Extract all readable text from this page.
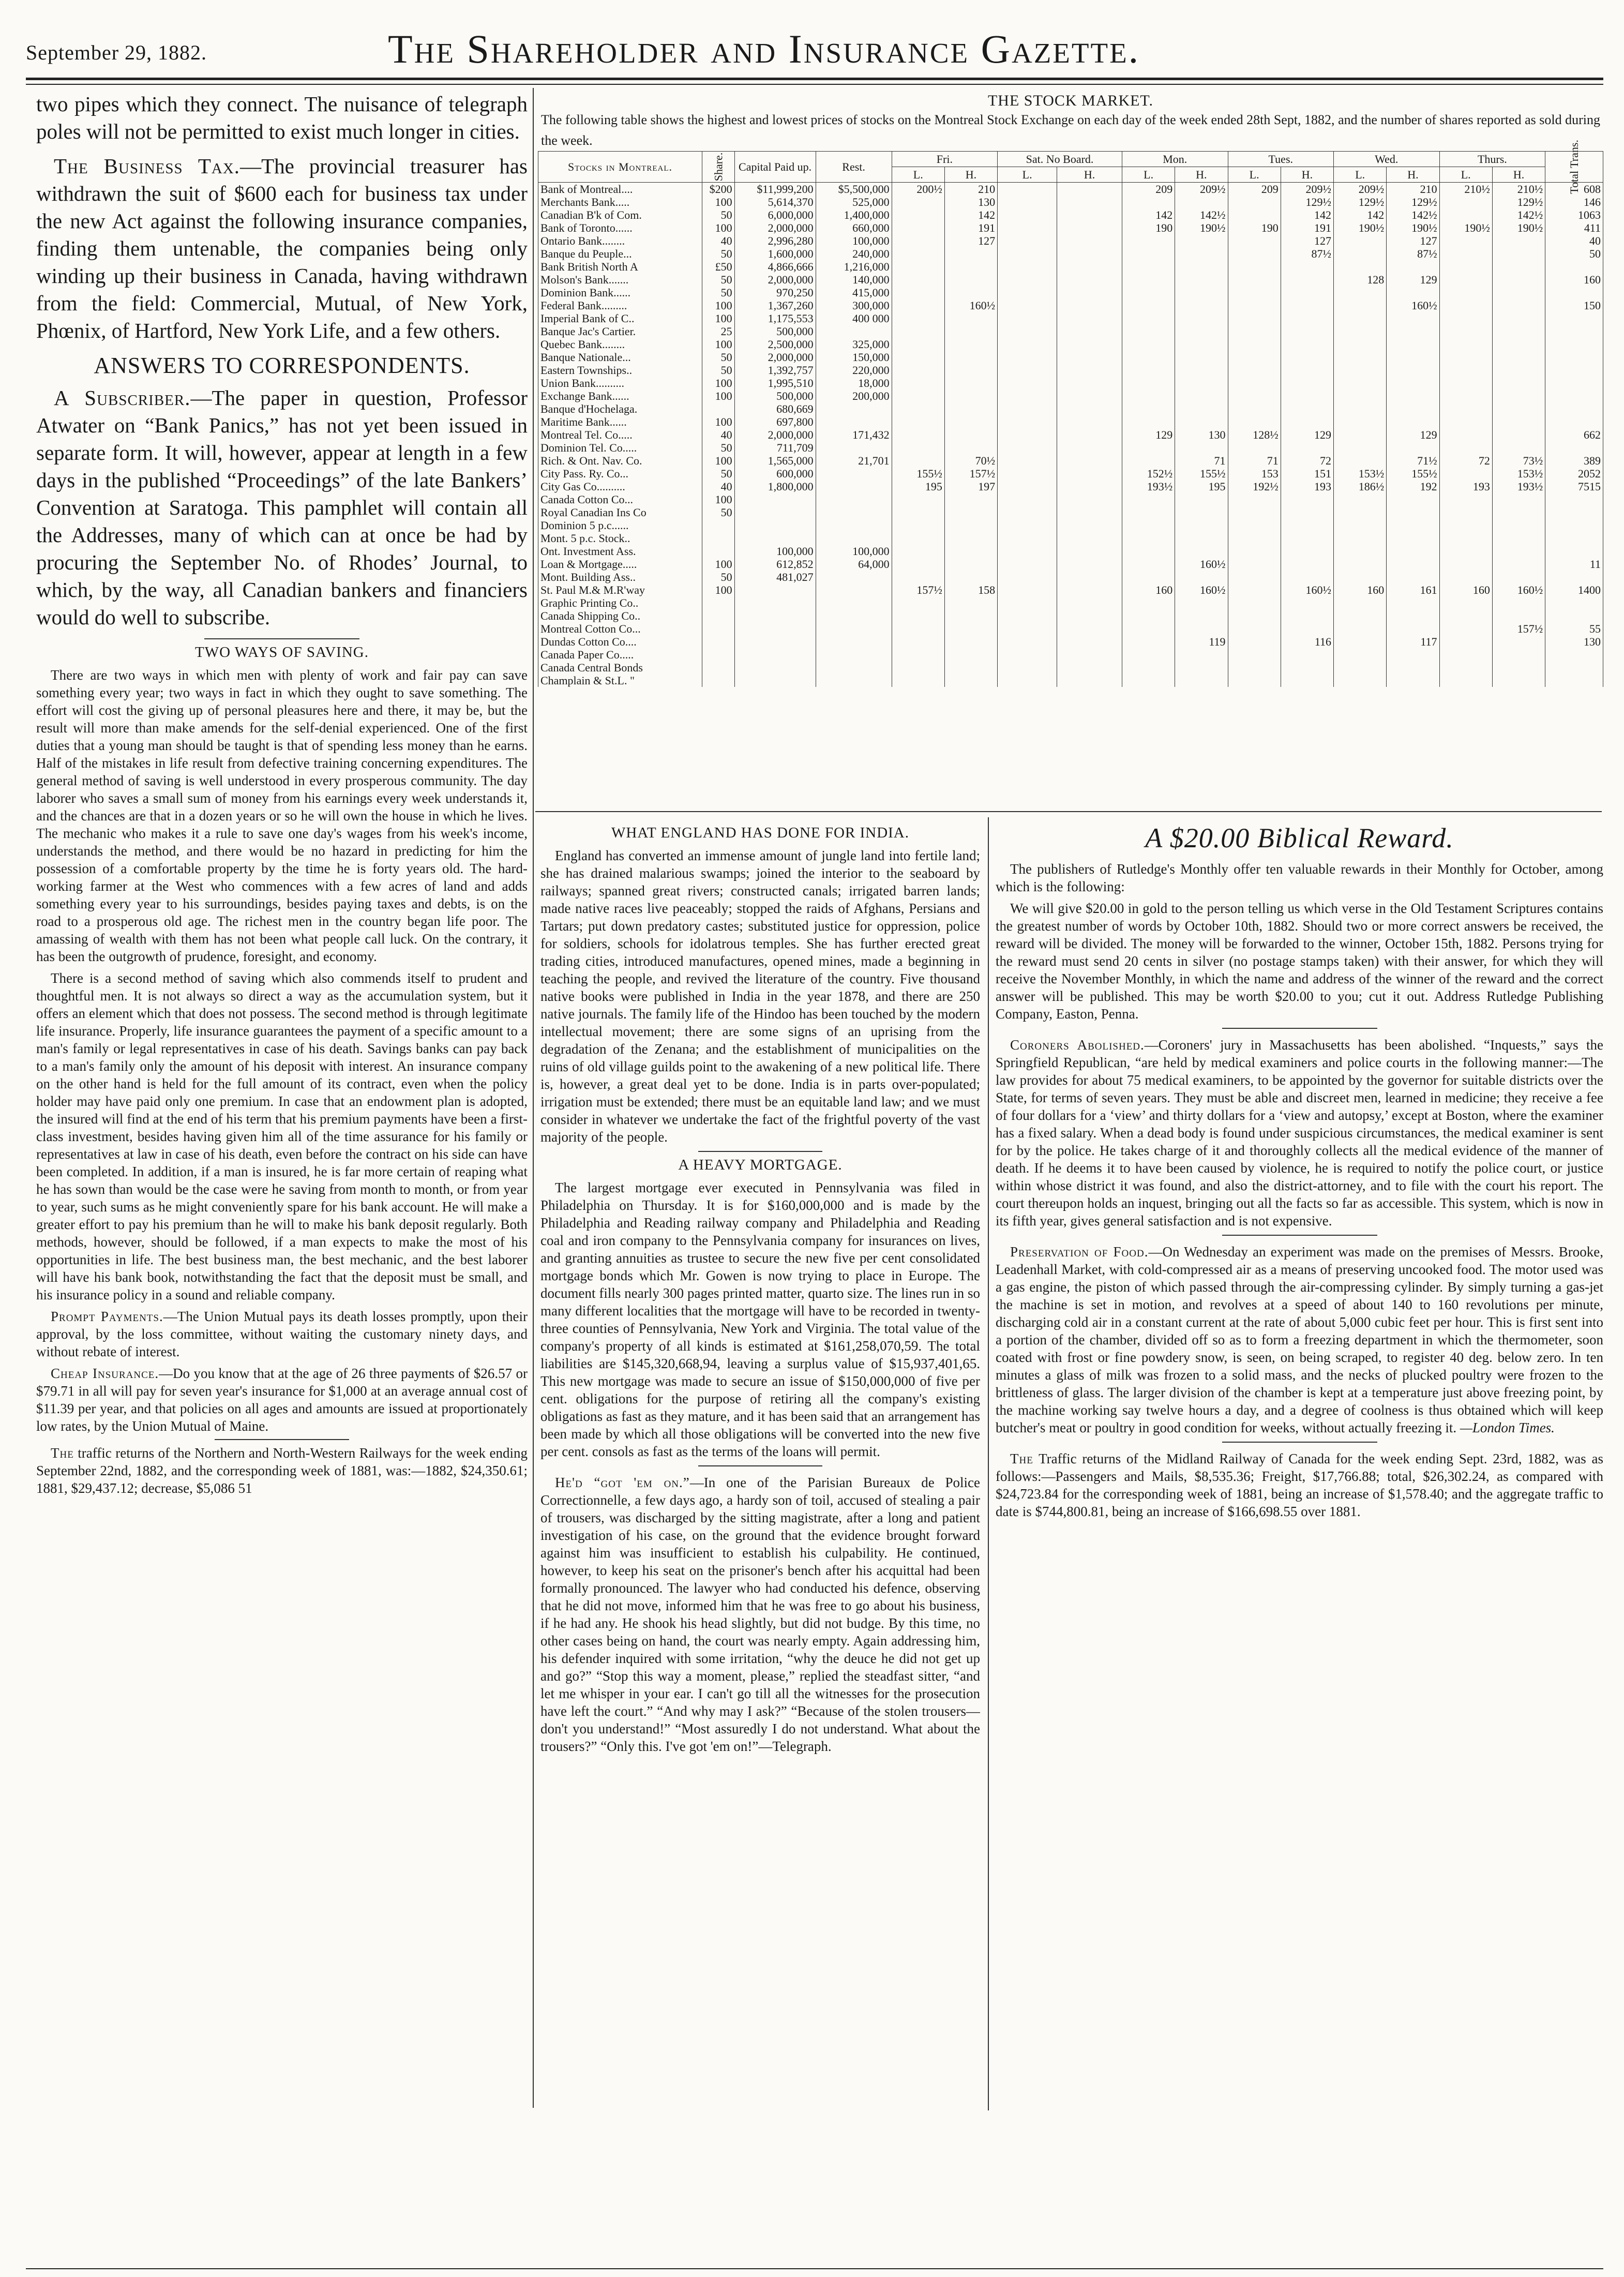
September 29, 1882.	The Shareholder and Insurance Gazette.

two pipes which they connect. The nuisance of telegraph poles will not be permitted to exist much longer in cities.

The Business Tax.—The provincial treasurer has withdrawn the suit of $600 each for business tax under the new Act against the following insurance companies, finding them untenable, the companies being only winding up their business in Canada, having withdrawn from the field: Commercial, Mutual, of New York, Phœnix, of Hartford, New York Life, and a few others.

ANSWERS TO CORRESPONDENTS.

A Subscriber.—The paper in question, Professor Atwater on “Bank Panics,” has not yet been issued in separate form. It will, however, appear at length in a few days in the published “Proceedings” of the late Bankers’ Convention at Saratoga. This pamphlet will contain all the Addresses, many of which can at once be had by procuring the September No. of Rhodes’ Journal, to which, by the way, all Canadian bankers and financiers would do well to subscribe.

TWO WAYS OF SAVING.

There are two ways in which men with plenty of work and fair pay can save something every year; two ways in fact in which they ought to save something. The effort will cost the giving up of personal pleasures here and there, it may be, but the result will more than make amends for the self-denial experienced. One of the first duties that a young man should be taught is that of spending less money than he earns. Half of the mistakes in life result from defective training concerning expenditures. The general method of saving is well understood in every prosperous community. The day laborer who saves a small sum of money from his earnings every week understands it, and the chances are that in a dozen years or so he will own the house in which he lives. The mechanic who makes it a rule to save one day's wages from his week's income, understands the method, and there would be no hazard in predicting for him the possession of a comfortable property by the time he is forty years old. The hard-working farmer at the West who commences with a few acres of land and adds something every year to his surroundings, besides paying taxes and debts, is on the road to a prosperous old age. The richest men in the country began life poor. The amassing of wealth with them has not been what people call luck. On the contrary, it has been the outgrowth of prudence, foresight, and economy.

There is a second method of saving which also commends itself to prudent and thoughtful men. It is not always so direct a way as the accumulation system, but it offers an element which that does not possess. The second method is through legitimate life insurance. Properly, life insurance guarantees the payment of a specific amount to a man's family or legal representatives in case of his death. Savings banks can pay back to a man's family only the amount of his deposit with interest. An insurance company on the other hand is held for the full amount of its contract, even when the policy holder may have paid only one premium. In case that an endowment plan is adopted, the insured will find at the end of his term that his premium payments have been a first-class investment, besides having given him all of the time assurance for his family or representatives at law in case of his death, even before the contract on his side can have been completed. In addition, if a man is insured, he is far more certain of reaping what he has sown than would be the case were he saving from month to month, or from year to year, such sums as he might conveniently spare for his bank account. He will make a greater effort to pay his premium than he will to make his bank deposit regularly. Both methods, however, should be followed, if a man expects to make the most of his opportunities in life. The best business man, the best mechanic, and the best laborer will have his bank book, notwithstanding the fact that the deposit must be small, and his insurance policy in a sound and reliable company.

Prompt Payments.—The Union Mutual pays its death losses promptly, upon their approval, by the loss committee, without waiting the customary ninety days, and without rebate of interest.

Cheap Insurance.—Do you know that at the age of 26 three payments of $26.57 or $79.71 in all will pay for seven year's insurance for $1,000 at an average annual cost of $11.39 per year, and that policies on all ages and amounts are issued at proportionately low rates, by the Union Mutual of Maine.

The traffic returns of the Northern and North-Western Railways for the week ending September 22nd, 1882, and the corresponding week of 1881, was:—1882, $24,350.61; 1881, $29,437.12; decrease, $5,086 51

THE STOCK MARKET.
The following table shows the highest and lowest prices of stocks on the Montreal Stock Exchange on each day of the week ended 28th Sept, 1882, and the number of shares reported as sold during the week.
Stocks in Montreal.	Share.	Capital Paid up.	Rest.	Fri.		Sat. No Board.		Mon.		Tues.		Wed.		Thurs.		Total Trans.
				L.	H.	L.	H.	L.	H.	L.	H.	L.	H.	L.	H.	
Bank of Montreal....	$200	$11,999,200	$5,500,000	200½	210			209	209½	209	209½	209½	210	210½	210½	608
Merchants Bank.....	100	5,614,370	525,000		130						129½	129½	129½		129½	146
Canadian B'k of Com.	50	6,000,000	1,400,000		142			142	142½		142	142	142½		142½	1063
Bank of Toronto......	100	2,000,000	660,000		191			190	190½	190	191	190½	190½	190½	190½	411
Ontario Bank........	40	2,996,280	100,000		127						127		127			40
Banque du Peuple...	50	1,600,000	240,000								87½		87½			50
Bank British North A	£50	4,866,666	1,216,000													
Molson's Bank.......	50	2,000,000	140,000									128	129			160
Dominion Bank......	50	970,250	415,000													
Federal Bank.........	100	1,367,260	300,000		160½								160½			150
Imperial Bank of C..	100	1,175,553	400 000													
Banque Jac's Cartier.	25	500,000														
Quebec Bank........	100	2,500,000	325,000													
Banque Nationale...	50	2,000,000	150,000													
Eastern Townships..	50	1,392,757	220,000													
Union Bank..........	100	1,995,510	18,000													
Exchange Bank......	100	500,000	200,000													
Banque d'Hochelaga.		680,669														
Maritime Bank......	100	697,800														
Montreal Tel. Co.....	40	2,000,000	171,432					129	130	128½	129		129			662
Dominion Tel. Co.....	50	711,709														
Rich. & Ont. Nav. Co.	100	1,565,000	21,701		70½				71	71	72		71½	72	73½	389
City Pass. Ry. Co...	50	600,000		155½	157½			152½	155½	153	151	153½	155½		153½	2052
City Gas Co..........	40	1,800,000		195	197			193½	195	192½	193	186½	192	193	193½	7515
Canada Cotton Co...	100															
Royal Canadian Ins Co	50															
Dominion 5 p.c......																
Mont. 5 p.c. Stock..																
Ont. Investment Ass.		100,000	100,000													
Loan & Mortgage.....	100	612,852	64,000						160½							11
Mont. Building Ass..	50	481,027														
St. Paul M.& M.R'way	100			157½	158			160	160½		160½	160	161	160	160½	1400
Graphic Printing Co..																
Canada Shipping Co..																
Montreal Cotton Co...															157½	55
Dundas Cotton Co....									119		116		117			130
Canada Paper Co.....																
Canada Central Bonds																
Champlain & St.L. "																
WHAT ENGLAND HAS DONE FOR INDIA.

England has converted an immense amount of jungle land into fertile land; she has drained malarious swamps; joined the interior to the seaboard by railways; spanned great rivers; constructed canals; irrigated barren lands; made native races live peaceably; stopped the raids of Afghans, Persians and Tartars; put down predatory castes; substituted justice for oppression, police for soldiers, schools for idolatrous temples. She has further erected great trading cities, introduced manufactures, opened mines, made a beginning in teaching the people, and revived the literature of the country. Five thousand native books were published in India in the year 1878, and there are 250 native journals. The family life of the Hindoo has been touched by the modern intellectual movement; there are some signs of an uprising from the degradation of the Zenana; and the establishment of municipalities on the ruins of old village guilds point to the awakening of a new political life. There is, however, a great deal yet to be done. India is in parts over-populated; irrigation must be extended; there must be an equitable land law; and we must consider in whatever we undertake the fact of the frightful poverty of the vast majority of the people.

A HEAVY MORTGAGE.

The largest mortgage ever executed in Pennsylvania was filed in Philadelphia on Thursday. It is for $160,000,000 and is made by the Philadelphia and Reading railway company and Philadelphia and Reading coal and iron company to the Pennsylvania company for insurances on lives, and granting annuities as trustee to secure the new five per cent consolidated mortgage bonds which Mr. Gowen is now trying to place in Europe. The document fills nearly 300 pages printed matter, quarto size. The lines run in so many different localities that the mortgage will have to be recorded in twenty-three counties of Pennsylvania, New York and Virginia. The total value of the company's property of all kinds is estimated at $161,258,070,59. The total liabilities are $145,320,668,94, leaving a surplus value of $15,937,401,65. This new mortgage was made to secure an issue of $150,000,000 of five per cent. obligations for the purpose of retiring all the company's existing obligations as fast as they mature, and it has been said that an arrangement has been made by which all those obligations will be converted into the new five per cent. consols as fast as the terms of the loans will permit.

He'd “got 'em on.”—In one of the Parisian Bureaux de Police Correctionnelle, a few days ago, a hardy son of toil, accused of stealing a pair of trousers, was discharged by the sitting magistrate, after a long and patient investigation of his case, on the ground that the evidence brought forward against him was insufficient to establish his culpability. He continued, however, to keep his seat on the prisoner's bench after his acquittal had been formally pronounced. The lawyer who had conducted his defence, observing that he did not move, informed him that he was free to go about his business, if he had any. He shook his head slightly, but did not budge. By this time, no other cases being on hand, the court was nearly empty. Again addressing him, his defender inquired with some irritation, “why the deuce he did not get up and go?” “Stop this way a moment, please,” replied the steadfast sitter, “and let me whisper in your ear. I can't go till all the witnesses for the prosecution have left the court.” “And why may I ask?” “Because of the stolen trousers—don't you understand!” “Most assuredly I do not understand. What about the trousers?” “Only this. I've got 'em on!”—Telegraph.

A $20.00 Biblical Reward.

The publishers of Rutledge's Monthly offer ten valuable rewards in their Monthly for October, among which is the following:

We will give $20.00 in gold to the person telling us which verse in the Old Testament Scriptures contains the greatest number of words by October 10th, 1882. Should two or more correct answers be received, the reward will be divided. The money will be forwarded to the winner, October 15th, 1882. Persons trying for the reward must send 20 cents in silver (no postage stamps taken) with their answer, for which they will receive the November Monthly, in which the name and address of the winner of the reward and the correct answer will be published. This may be worth $20.00 to you; cut it out. Address Rutledge Publishing Company, Easton, Penna.

Coroners Abolished.—Coroners' jury in Massachusetts has been abolished. “Inquests,” says the Springfield Republican, “are held by medical examiners and police courts in the following manner:—The law provides for about 75 medical examiners, to be appointed by the governor for suitable districts over the State, for terms of seven years. They must be able and discreet men, learned in medicine; they receive a fee of four dollars for a ‘view’ and thirty dollars for a ‘view and autopsy,’ except at Boston, where the examiner has a fixed salary. When a dead body is found under suspicious circumstances, the medical examiner is sent for by the police. He takes charge of it and thoroughly collects all the medical evidence of the manner of death. If he deems it to have been caused by violence, he is required to notify the police court, or justice within whose district it was found, and also the district-attorney, and to file with the court his report. The court thereupon holds an inquest, bringing out all the facts so far as accessible. This system, which is now in its fifth year, gives general satisfaction and is not expensive.

Preservation of Food.—On Wednesday an experiment was made on the premises of Messrs. Brooke, Leadenhall Market, with cold-compressed air as a means of preserving uncooked food. The motor used was a gas engine, the piston of which passed through the air-compressing cylinder. By simply turning a gas-jet the machine is set in motion, and revolves at a speed of about 140 to 160 revolutions per minute, discharging cold air in a constant current at the rate of about 5,000 cubic feet per hour. This is first sent into a portion of the chamber, divided off so as to form a freezing department in which the thermometer, soon coated with frost or fine powdery snow, is seen, on being scraped, to register 40 deg. below zero. In ten minutes a glass of milk was frozen to a solid mass, and the necks of plucked poultry were frozen to the brittleness of glass. The larger division of the chamber is kept at a temperature just above freezing point, by the machine working say twelve hours a day, and a degree of coolness is thus obtained which will keep butcher's meat or poultry in good condition for weeks, without actually freezing it. —London Times.

The Traffic returns of the Midland Railway of Canada for the week ending Sept. 23rd, 1882, was as follows:—Passengers and Mails, $8,535.36; Freight, $17,766.88; total, $26,302.24, as compared with $24,723.84 for the corresponding week of 1881, being an increase of $1,578.40; and the aggregate traffic to date is $744,800.81, being an increase of $166,698.55 over 1881.
